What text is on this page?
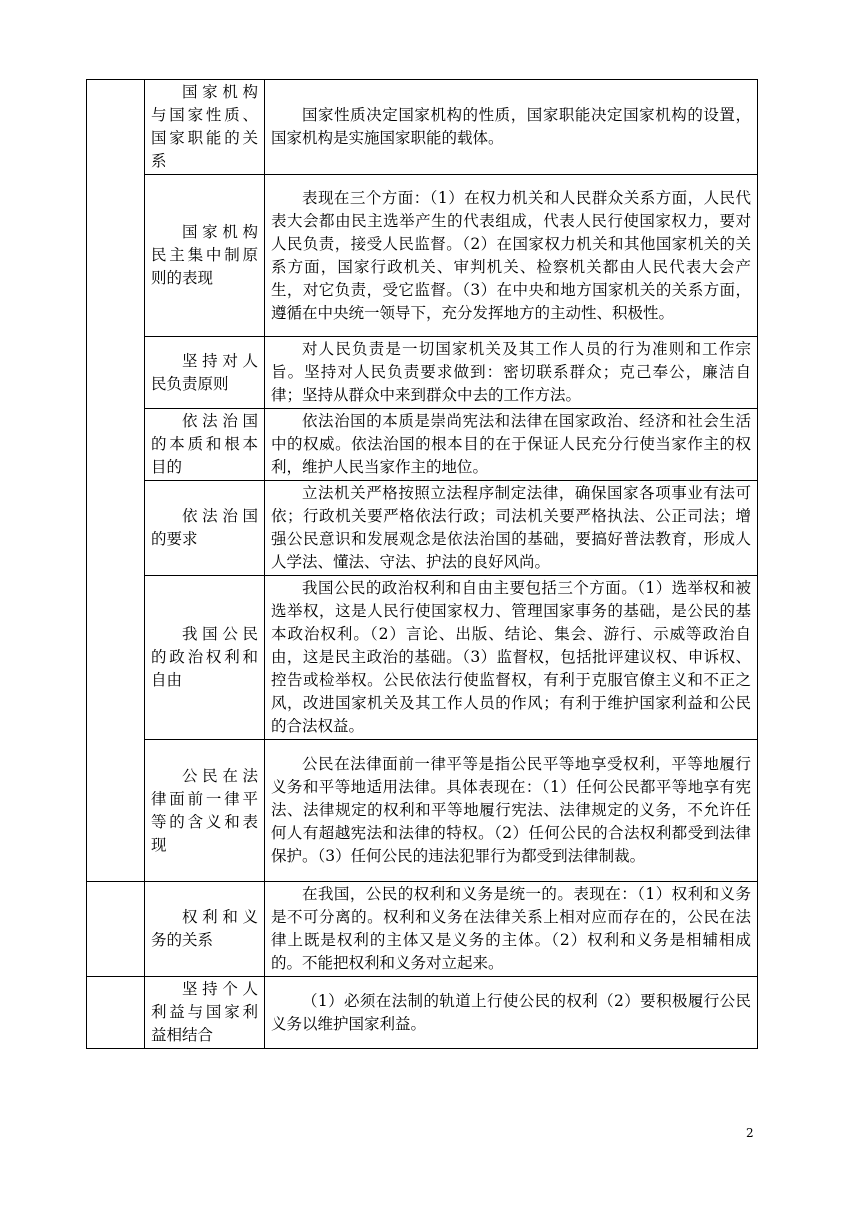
	国家机构与国家性质、国家职能的关系	国家性质决定国家机构的性质，国家职能决定国家机构的设置，国家机构是实施国家职能的载体。

	国家机构民主集中制原则的表现	表现在三个方面：（1）在权力机关和人民群众关系方面，人民代表大会都由民主选举产生的代表组成，代表人民行使国家权力，要对人民负责，接受人民监督。（2）在国家权力机关和其他国家机关的关系方面，国家行政机关、审判机关、检察机关都由人民代表大会产生，对它负责，受它监督。（3）在中央和地方国家机关的关系方面，遵循在中央统一领导下，充分发挥地方的主动性、积极性。

	坚持对人民负责原则	对人民负责是一切国家机关及其工作人员的行为准则和工作宗旨。坚持对人民负责要求做到：密切联系群众；克己奉公，廉洁自律；坚持从群众中来到群众中去的工作方法。

	依法治国的本质和根本目的	依法治国的本质是崇尚宪法和法律在国家政治、经济和社会生活中的权威。依法治国的根本目的在于保证人民充分行使当家作主的权利，维护人民当家作主的地位。

	依法治国的要求	立法机关严格按照立法程序制定法律，确保国家各项事业有法可依；行政机关要严格依法行政；司法机关要严格执法、公正司法；增强公民意识和发展观念是依法治国的基础，要搞好普法教育，形成人人学法、懂法、守法、护法的良好风尚。

	我国公民的政治权利和自由	我国公民的政治权利和自由主要包括三个方面。（1）选举权和被选举权，这是人民行使国家权力、管理国家事务的基础，是公民的基本政治权利。（2）言论、出版、结论、集会、游行、示威等政治自由，这是民主政治的基础。（3）监督权，包括批评建议权、申诉权、控告或检举权。公民依法行使监督权，有利于克服官僚主义和不正之风，改进国家机关及其工作人员的作风；有利于维护国家利益和公民的合法权益。

	公民在法律面前一律平等的含义和表现	公民在法律面前一律平等是指公民平等地享受权利，平等地履行义务和平等地适用法律。具体表现在：（1）任何公民都平等地享有宪法、法律规定的权利和平等地履行宪法、法律规定的义务，不允许任何人有超越宪法和法律的特权。（2）任何公民的合法权利都受到法律保护。（3）任何公民的违法犯罪行为都受到法律制裁。

	权利和义务的关系	在我国，公民的权利和义务是统一的。表现在：（1）权利和义务是不可分离的。权利和义务在法律关系上相对应而存在的，公民在法律上既是权利的主体又是义务的主体。（2）权利和义务是相辅相成的。不能把权利和义务对立起来。

	坚持个人利益与国家利益相结合	（1）必须在法制的轨道上行使公民的权利（2）要积极履行公民义务以维护国家利益。
2
